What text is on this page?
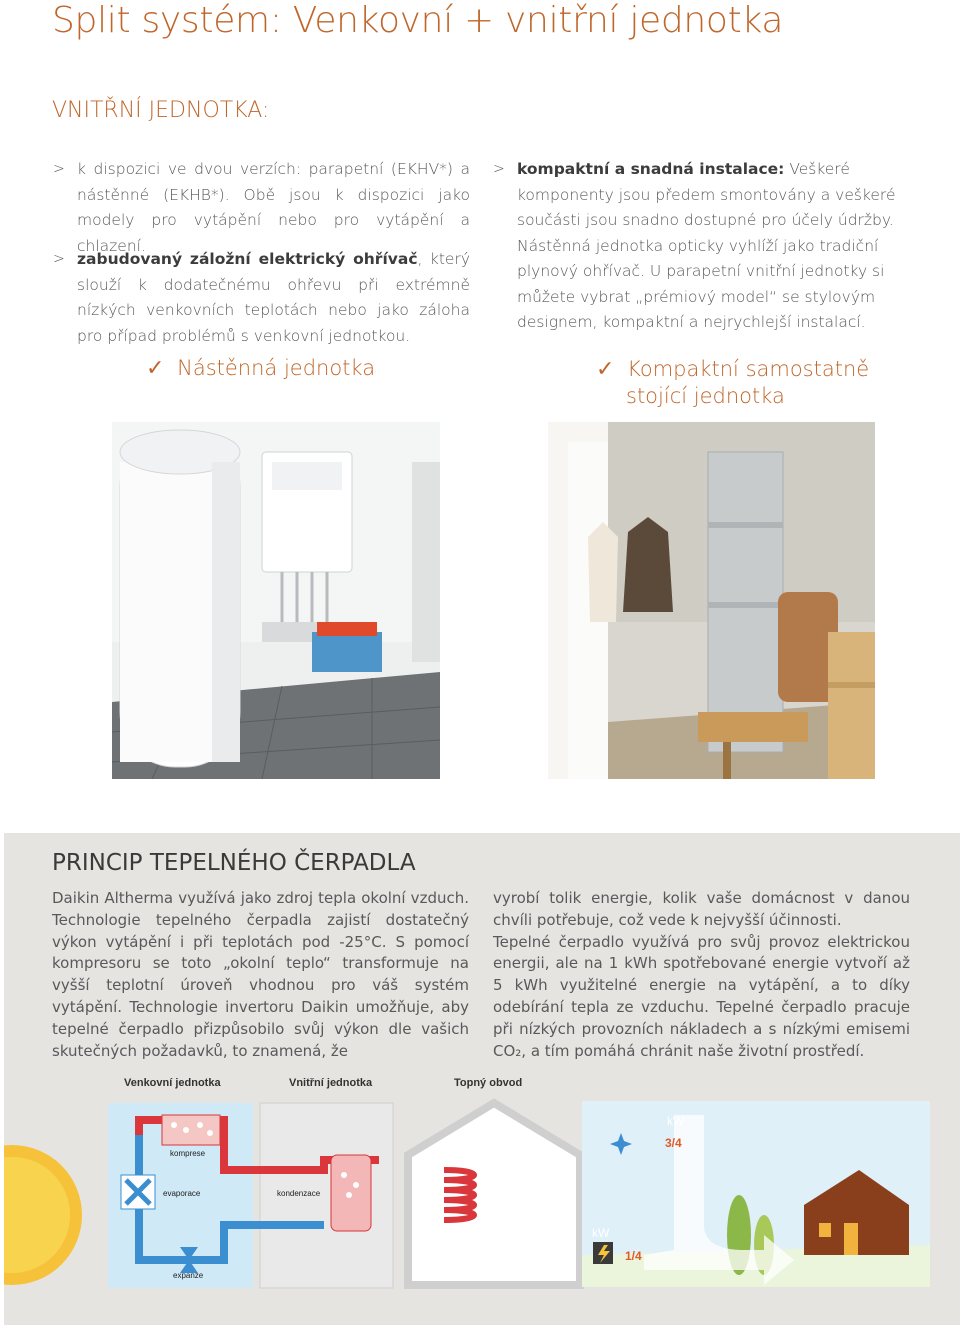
Split systém: Venkovní + vnitřní jednotka
VNITŘNÍ JEDNOTKA:
> k dispozici ve dvou verzích: parapetní (EKHV*) a nástěnné (EKHB*). Obě jsou k dispozici jako modely pro vytápění nebo pro vytápění a chlazení.
> zabudovaný záložní elektrický ohřívač, který slouží k dodatečnému ohřevu při extrémně nízkých venkovních teplotách nebo jako záloha pro případ problémů s venkovní jednotkou.
> kompaktní a snadná instalace: Veškeré komponenty jsou předem smontovány a veškeré součásti jsou snadno dostupné pro účely údržby. Nástěnná jednotka opticky vyhlíží jako tradiční plynový ohřívač. U parapetní vnitřní jednotky si můžete vybrat „prémiový model“ se stylovým designem, kompaktní a nejrychlejší instalací.
✓ Nástěnná jednotka	✓ Kompaktní samostatně
stojící jednotka
PRINCIP TEPELNÉHO ČERPADLA
Daikin Altherma využívá jako zdroj tepla okolní vzduch. Technologie tepelného čerpadla zajistí dostatečný výkon vytápění i při teplotách pod -25°C. S pomocí kompresoru se toto „okolní teplo“ transformuje na vyšší teplotní úroveň vhodnou pro váš systém vytápění. Technologie invertoru Daikin umožňuje, aby tepelné čerpadlo přizpůsobilo svůj výkon dle vašich skutečných požadavků, to znamená, že
vyrobí tolik energie, kolik vaše domácnost v danou chvíli potřebuje, což vede k nejvyšší účinnosti.
Tepelné čerpadlo využívá pro svůj provoz elektrickou energii, ale na 1 kWh spotřebované energie vytvoří až 5 kWh využitelné energie na vytápění, a to díky odebírání tepla ze vzduchu. Tepelné čerpadlo pracuje při nízkých provozních nákladech a s nízkými emisemi CO₂, a tím pomáhá chránit naše životní prostředí.
Venkovní jednotka	Vnitřní jednotka	Topný obvod
komprese
evaporace	kondenzace
expanze
kW
3/4
kW
1/4
